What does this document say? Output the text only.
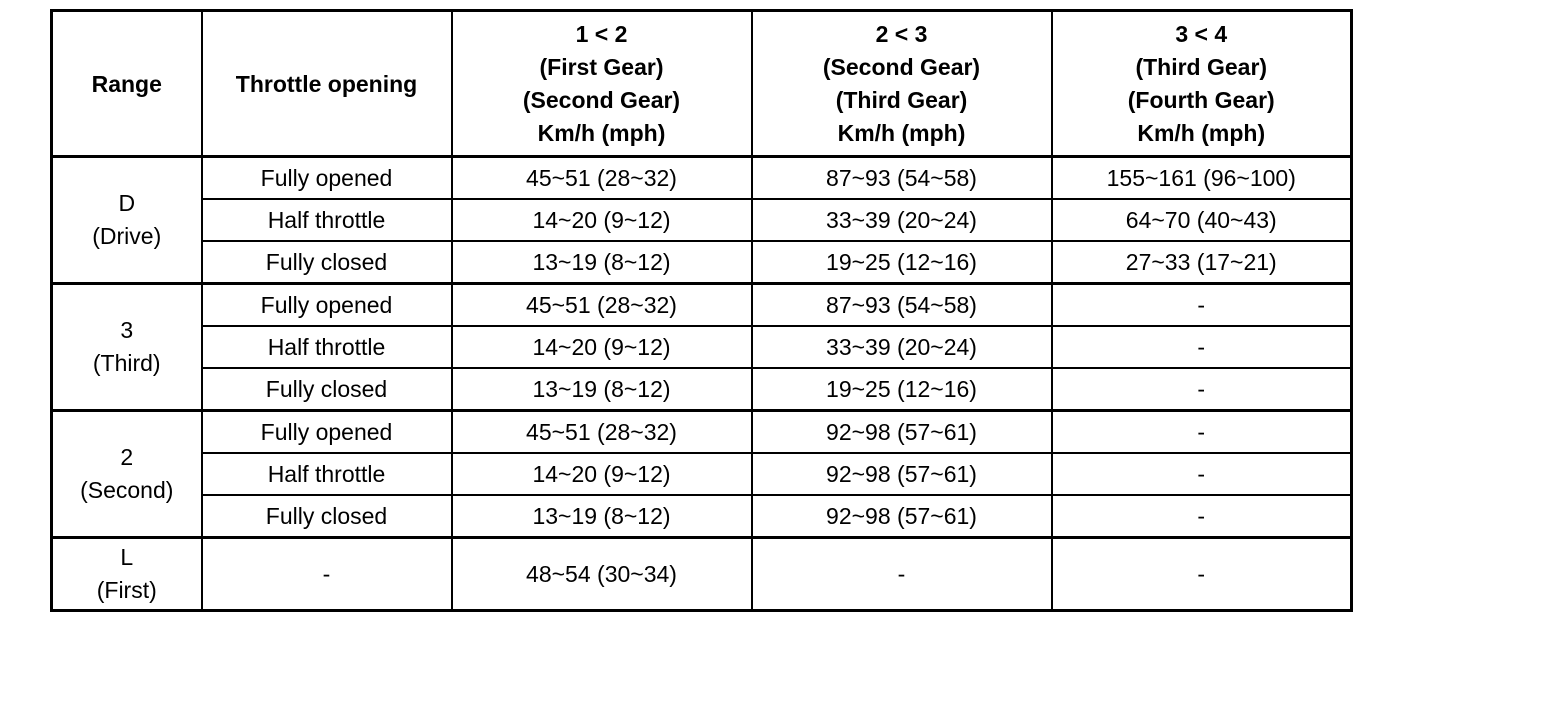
Range	Throttle opening	1 < 2
(First Gear)
(Second Gear)
Km/h (mph)	2 < 3
(Second Gear)
(Third Gear)
Km/h (mph)	3 < 4
(Third Gear)
(Fourth Gear)
Km/h (mph)

D
(Drive)	Fully opened	45~51 (28~32)	87~93 (54~58)	155~161 (96~100)
	Half throttle	14~20 (9~12)	33~39 (20~24)	64~70 (40~43)
	Fully closed	13~19 (8~12)	19~25 (12~16)	27~33 (17~21)

3
(Third)	Fully opened	45~51 (28~32)	87~93 (54~58)	-
	Half throttle	14~20 (9~12)	33~39 (20~24)	-
	Fully closed	13~19 (8~12)	19~25 (12~16)	-

2
(Second)	Fully opened	45~51 (28~32)	92~98 (57~61)	-
	Half throttle	14~20 (9~12)	92~98 (57~61)	-
	Fully closed	13~19 (8~12)	92~98 (57~61)	-

L
(First)	-	48~54 (30~34)	-	-
